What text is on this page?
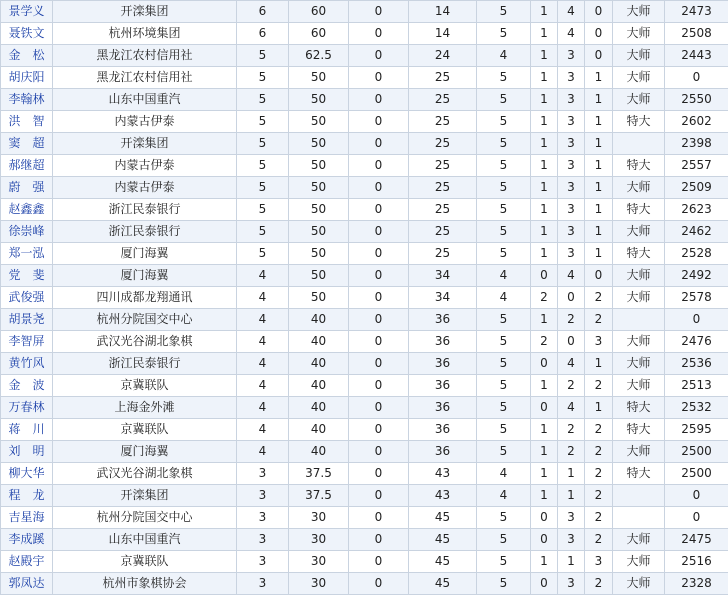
景学义	开滦集团	6	60	0	14	5	1	4	0	大师	2473
聂铁文	杭州环境集团	6	60	0	14	5	1	4	0	大师	2508
金　松	黑龙江农村信用社	5	62.5	0	24	4	1	3	0	大师	2443
胡庆阳	黑龙江农村信用社	5	50	0	25	5	1	3	1	大师	0
李翰林	山东中国重汽	5	50	0	25	5	1	3	1	大师	2550
洪　智	内蒙古伊泰	5	50	0	25	5	1	3	1	特大	2602
窦　超	开滦集团	5	50	0	25	5	1	3	1		2398
郝继超	内蒙古伊泰	5	50	0	25	5	1	3	1	特大	2557
蔚　强	内蒙古伊泰	5	50	0	25	5	1	3	1	大师	2509
赵鑫鑫	浙江民泰银行	5	50	0	25	5	1	3	1	特大	2623
徐崇峰	浙江民泰银行	5	50	0	25	5	1	3	1	大师	2462
郑一泓	厦门海翼	5	50	0	25	5	1	3	1	特大	2528
党　斐	厦门海翼	4	50	0	34	4	0	4	0	大师	2492
武俊强	四川成都龙翔通讯	4	50	0	34	4	2	0	2	大师	2578
胡景尧	杭州分院国交中心	4	40	0	36	5	1	2	2		0
李智屏	武汉光谷湖北象棋	4	40	0	36	5	2	0	3	大师	2476
黄竹风	浙江民泰银行	4	40	0	36	5	0	4	1	大师	2536
金　波	京冀联队	4	40	0	36	5	1	2	2	大师	2513
万春林	上海金外滩	4	40	0	36	5	0	4	1	特大	2532
蒋　川	京冀联队	4	40	0	36	5	1	2	2	特大	2595
刘　明	厦门海翼	4	40	0	36	5	1	2	2	大师	2500
柳大华	武汉光谷湖北象棋	3	37.5	0	43	4	1	1	2	特大	2500
程　龙	开滦集团	3	37.5	0	43	4	1	1	2		0
吉星海	杭州分院国交中心	3	30	0	45	5	0	3	2		0
李成蹊	山东中国重汽	3	30	0	45	5	0	3	2	大师	2475
赵殿宇	京冀联队	3	30	0	45	5	1	1	3	大师	2516
郭凤达	杭州市象棋协会	3	30	0	45	5	0	3	2	大师	2328
